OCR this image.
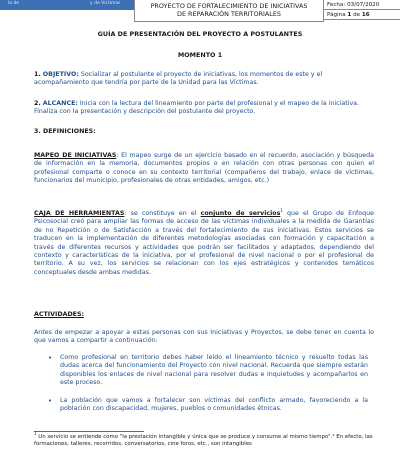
la de	y de Víctimas	PROYECTO DE FORTALECIMIENTO DE INICIATIVAS
DE REPARACIÓN TERRITORIALES
Fecha: 03/07/2020
Página 1 de 16
GUÍA DE PRESENTACIÓN DEL PROYECTO A POSTULANTES
MOMENTO 1
1. OBJETIVO: Socializar al postulante el proyecto de iniciativas, los momentos de este y el acompañamiento que tendría por parte de la Unidad para las Víctimas.
2. ALCANCE: Inicia con la lectura del lineamiento por parte del profesional y el mapeo de la iniciativa. Finaliza con la presentación y descripción del postulante del proyecto.
3. DEFINICIONES:
MAPEO DE INICIATIVAS: El mapeo surge de un ejercicio basado en el recuerdo, asociación y búsqueda de información en la memoria, documentos propios o en relación con otras personas con quien el profesional comparte o conoce en su contexto territorial (compañeros del trabajo, enlace de víctimas, funcionarios del municipio, profesionales de otras entidades, amigos, etc.)
CAJA DE HERRAMIENTAS: se constituye en el conjunto de servicios$^1$ que el Grupo de Enfoque Psicosocial creó para ampliar las formas de acceso de las víctimas individuales a la medida de Garantías de no Repetición o de Satisfacción a través del fortalecimiento de sus iniciativas. Estos servicios se traducen en la implementación de diferentes metodologías asociadas con formación y capacitación a través de diferentes recursos y actividades que podrán ser facilitados y adaptados, dependiendo del contexto y características de la iniciativa, por el profesional de nivel nacional o por el profesional de territorio. A su vez, los servicios se relacionan con los ejes estratégicos y contenidos temáticos conceptuales desde ambas medidas.
ACTIVIDADES:
Antes de empezar a apoyar a estas personas con sus Iniciativas y Proyectos, se debe tener en cuenta lo que vamos a compartir a continuación:
• Como profesional en territorio debes haber leído el lineamiento técnico y resuelto todas las dudas acerca del funcionamiento del Proyecto con nivel nacional. Recuerda que siempre estarán disponibles los enlaces de nivel nacional para resolver dudas e inquietudes y acompañarlos en este proceso.
• La población que vamos a fortalecer son víctimas del conflicto armado, favoreciendo a la población con discapacidad, mujeres, pueblos o comunidades étnicas.
$^1$ Un servicio se entiende como "la prestación intangible y única que se produce y consume al mismo tiempo".¹ En efecto, las formaciones, talleres, recorridos, conversatorios, cine foros, etc., son intangibles
